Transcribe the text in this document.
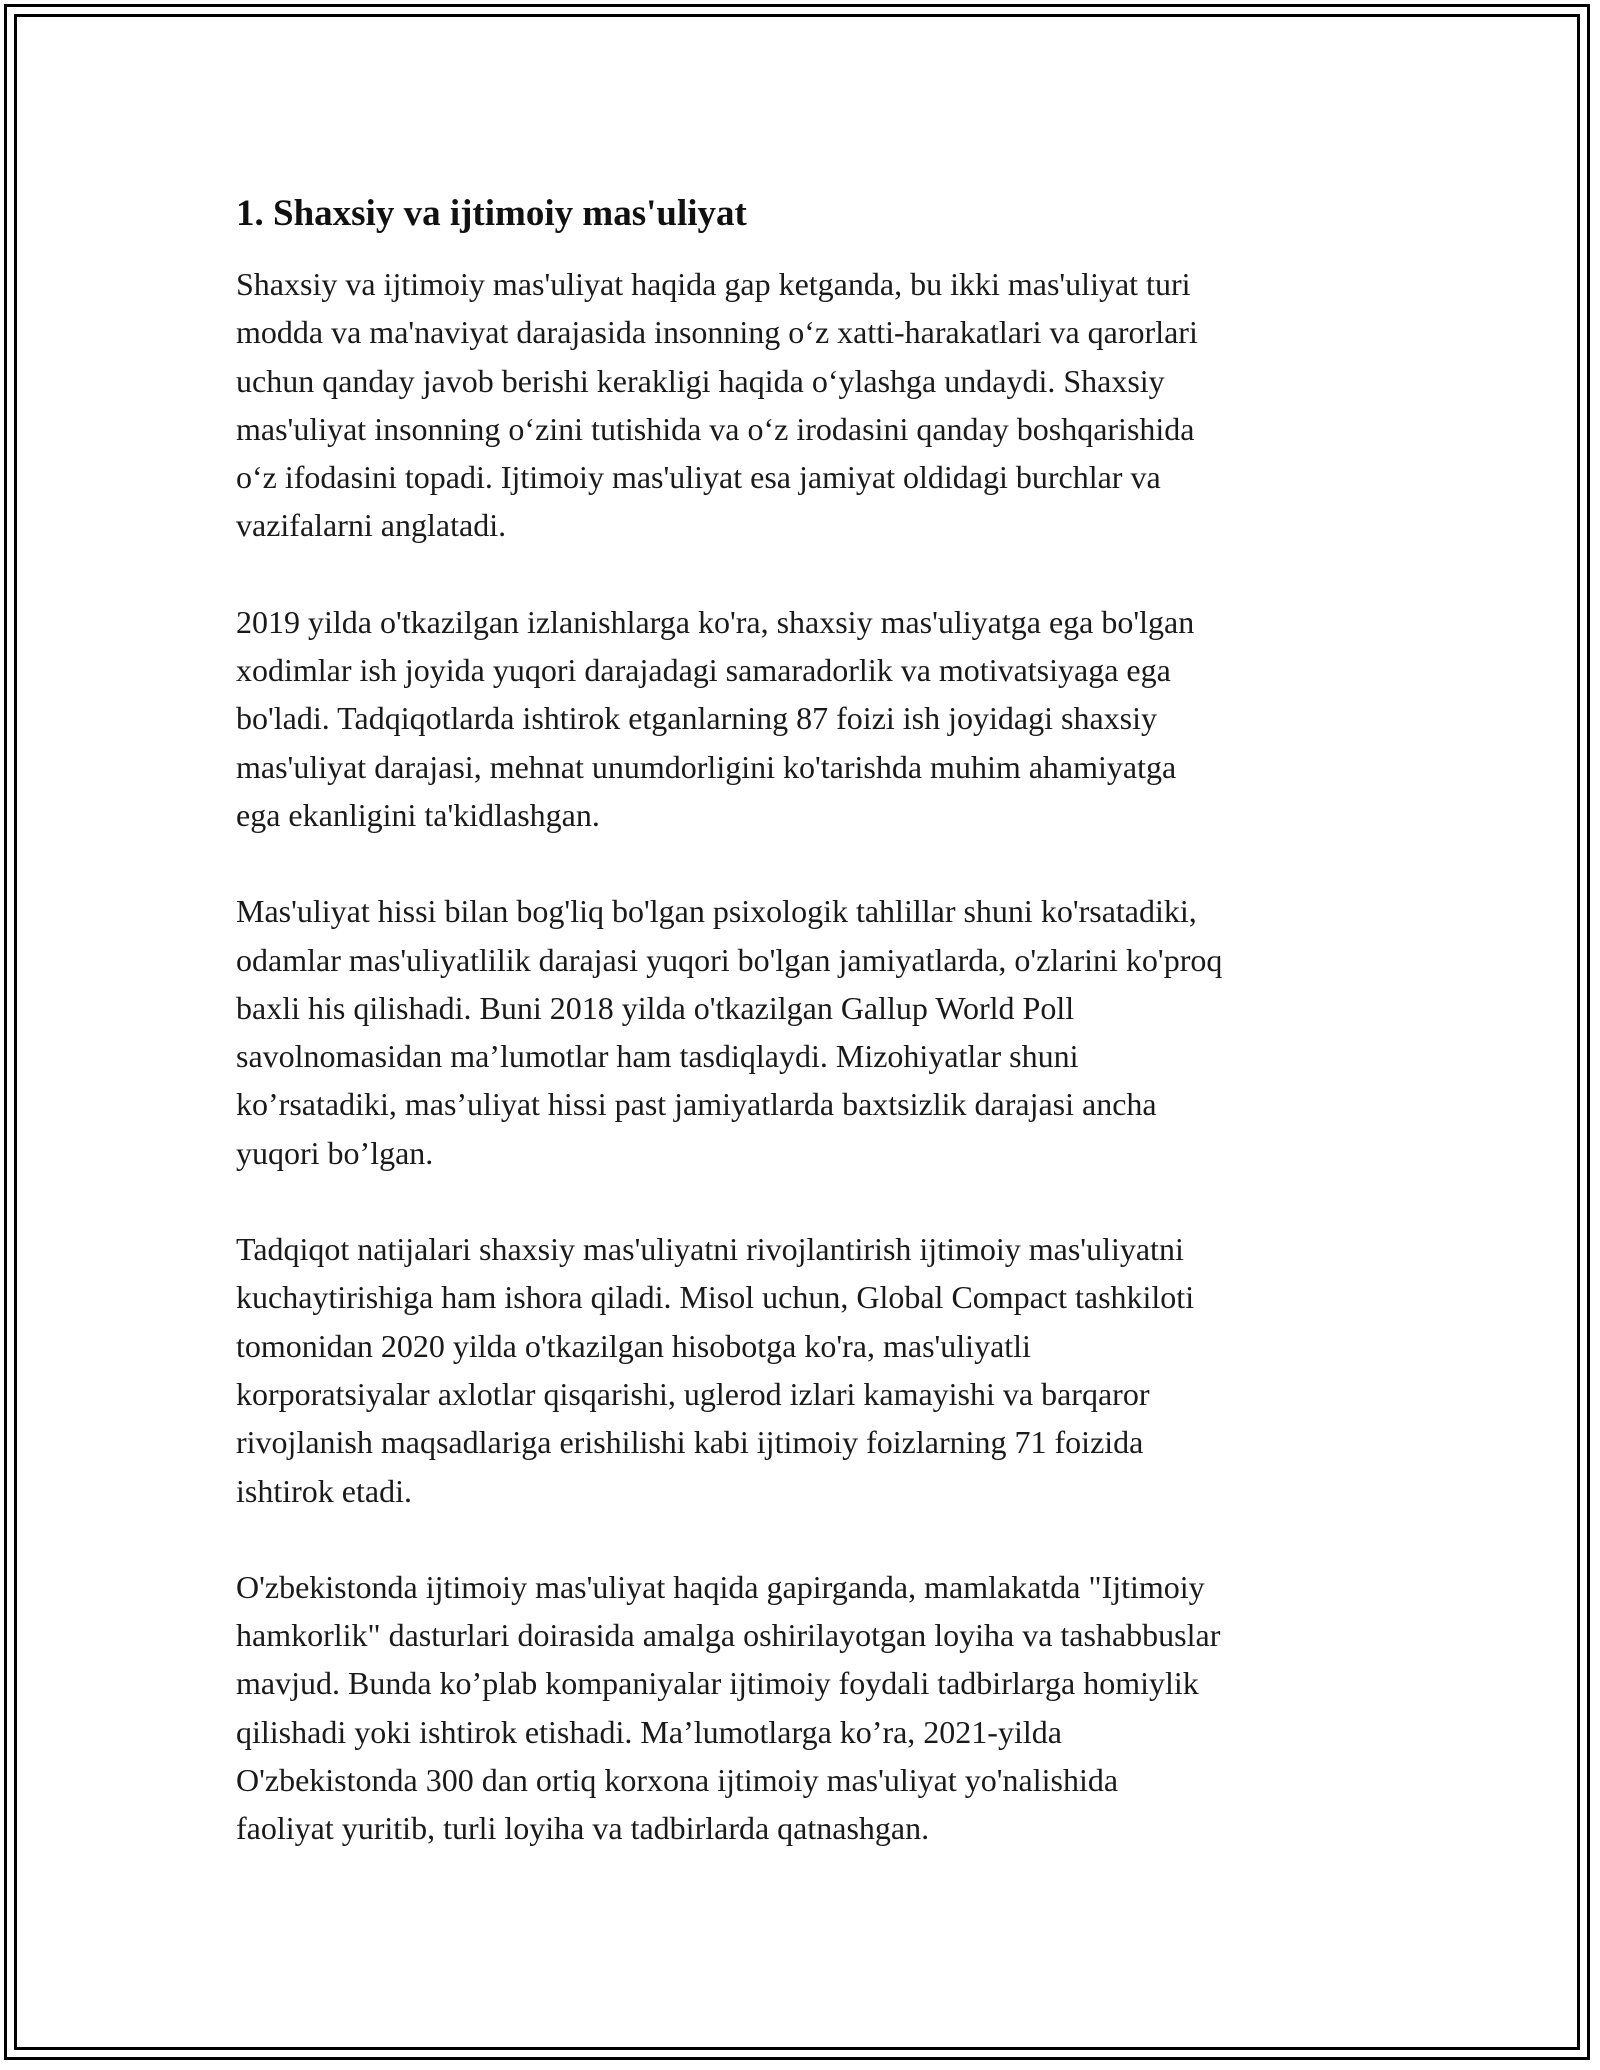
1. Shaxsiy va ijtimoiy mas'uliyat

Shaxsiy va ijtimoiy mas'uliyat haqida gap ketganda, bu ikki mas'uliyat turi
modda va ma'naviyat darajasida insonning o‘z xatti-harakatlari va qarorlari
uchun qanday javob berishi kerakligi haqida o‘ylashga undaydi. Shaxsiy
mas'uliyat insonning o‘zini tutishida va o‘z irodasini qanday boshqarishida
o‘z ifodasini topadi. Ijtimoiy mas'uliyat esa jamiyat oldidagi burchlar va
vazifalarni anglatadi.

2019 yilda o'tkazilgan izlanishlarga ko'ra, shaxsiy mas'uliyatga ega bo'lgan
xodimlar ish joyida yuqori darajadagi samaradorlik va motivatsiyaga ega
bo'ladi. Tadqiqotlarda ishtirok etganlarning 87 foizi ish joyidagi shaxsiy
mas'uliyat darajasi, mehnat unumdorligini ko'tarishda muhim ahamiyatga
ega ekanligini ta'kidlashgan.

Mas'uliyat hissi bilan bog'liq bo'lgan psixologik tahlillar shuni ko'rsatadiki,
odamlar mas'uliyatlilik darajasi yuqori bo'lgan jamiyatlarda, o'zlarini ko'proq
baxli his qilishadi. Buni 2018 yilda o'tkazilgan Gallup World Poll
savolnomasidan ma’lumotlar ham tasdiqlaydi. Mizohiyatlar shuni
ko’rsatadiki, mas’uliyat hissi past jamiyatlarda baxtsizlik darajasi ancha
yuqori bo’lgan.

Tadqiqot natijalari shaxsiy mas'uliyatni rivojlantirish ijtimoiy mas'uliyatni
kuchaytirishiga ham ishora qiladi. Misol uchun, Global Compact tashkiloti
tomonidan 2020 yilda o'tkazilgan hisobotga ko'ra, mas'uliyatli
korporatsiyalar axlotlar qisqarishi, uglerod izlari kamayishi va barqaror
rivojlanish maqsadlariga erishilishi kabi ijtimoiy foizlarning 71 foizida
ishtirok etadi.

O'zbekistonda ijtimoiy mas'uliyat haqida gapirganda, mamlakatda "Ijtimoiy
hamkorlik" dasturlari doirasida amalga oshirilayotgan loyiha va tashabbuslar
mavjud. Bunda ko’plab kompaniyalar ijtimoiy foydali tadbirlarga homiylik
qilishadi yoki ishtirok etishadi. Ma’lumotlarga ko’ra, 2021-yilda
O'zbekistonda 300 dan ortiq korxona ijtimoiy mas'uliyat yo'nalishida
faoliyat yuritib, turli loyiha va tadbirlarda qatnashgan.
